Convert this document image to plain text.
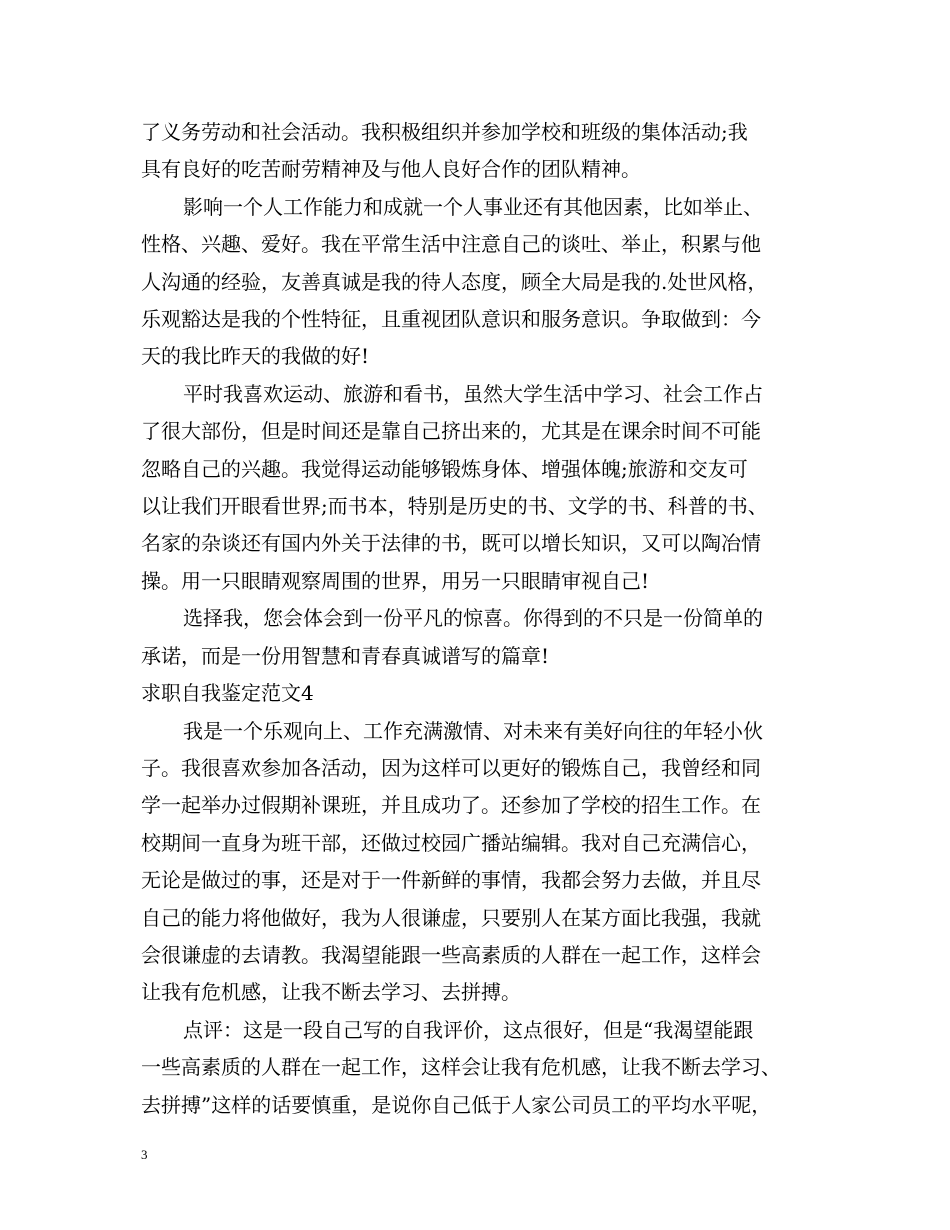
了义务劳动和社会活动。我积极组织并参加学校和班级的集体活动;我
具有良好的吃苦耐劳精神及与他人良好合作的团队精神。
影响一个人工作能力和成就一个人事业还有其他因素，比如举止、
性格、兴趣、爱好。我在平常生活中注意自己的谈吐、举止，积累与他
人沟通的经验，友善真诚是我的待人态度，顾全大局是我的.处世风格，
乐观豁达是我的个性特征，且重视团队意识和服务意识。争取做到：今
天的我比昨天的我做的好!
平时我喜欢运动、旅游和看书，虽然大学生活中学习、社会工作占
了很大部份，但是时间还是靠自己挤出来的，尤其是在课余时间不可能
忽略自己的兴趣。我觉得运动能够锻炼身体、增强体魄;旅游和交友可
以让我们开眼看世界;而书本，特别是历史的书、文学的书、科普的书、
名家的杂谈还有国内外关于法律的书，既可以增长知识，又可以陶冶情
操。用一只眼睛观察周围的世界，用另一只眼睛审视自己!
选择我，您会体会到一份平凡的惊喜。你得到的不只是一份简单的
承诺，而是一份用智慧和青春真诚谱写的篇章!
求职自我鉴定范文4
我是一个乐观向上、工作充满激情、对未来有美好向往的年轻小伙
子。我很喜欢参加各活动，因为这样可以更好的锻炼自己，我曾经和同
学一起举办过假期补课班，并且成功了。还参加了学校的招生工作。在
校期间一直身为班干部，还做过校园广播站编辑。我对自己充满信心，
无论是做过的事，还是对于一件新鲜的事情，我都会努力去做，并且尽
自己的能力将他做好，我为人很谦虚，只要别人在某方面比我强，我就
会很谦虚的去请教。我渴望能跟一些高素质的人群在一起工作，这样会
让我有危机感，让我不断去学习、去拼搏。
点评：这是一段自己写的自我评价，这点很好，但是“我渴望能跟
一些高素质的人群在一起工作，这样会让我有危机感，让我不断去学习、
去拼搏”这样的话要慎重，是说你自己低于人家公司员工的平均水平呢，
3
